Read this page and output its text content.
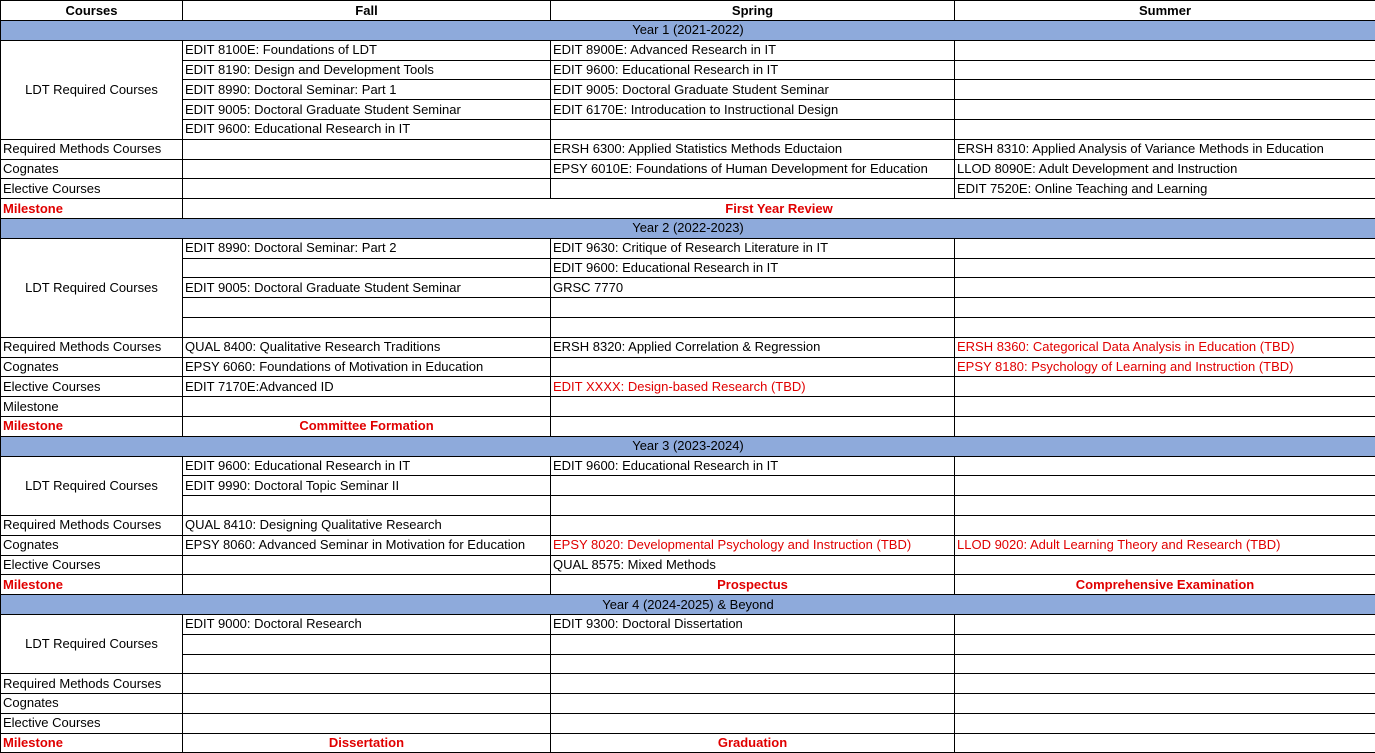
Courses	Fall	Spring	Summer
Year 1 (2021-2022)			
LDT Required Courses	EDIT 8100E: Foundations of LDT	EDIT 8900E: Advanced Research in IT	
	EDIT 8190: Design and Development Tools	EDIT 9600: Educational Research in IT	
	EDIT 8990: Doctoral Seminar: Part 1	EDIT 9005: Doctoral Graduate Student Seminar	
	EDIT 9005: Doctoral Graduate Student Seminar	EDIT 6170E: Introducation to Instructional Design	
	EDIT 9600: Educational Research in IT		
Required Methods Courses		ERSH 6300: Applied Statistics Methods Eductaion	ERSH 8310: Applied Analysis of Variance Methods in Education
Cognates		EPSY 6010E: Foundations of Human Development for Education	LLOD 8090E: Adult Development and Instruction
Elective Courses			EDIT 7520E: Online Teaching and Learning
Milestone	First Year Review		
Year 2 (2022-2023)			
LDT Required Courses	EDIT 8990: Doctoral Seminar: Part 2	EDIT 9630: Critique of Research Literature in IT	
		EDIT 9600: Educational Research in IT	
	EDIT 9005: Doctoral Graduate Student Seminar	GRSC 7770	

Required Methods Courses	QUAL 8400: Qualitative Research Traditions	ERSH 8320: Applied Correlation & Regression	ERSH 8360: Categorical Data Analysis in Education (TBD)
Cognates	EPSY 6060: Foundations of Motivation in Education		EPSY 8180: Psychology of Learning and Instruction (TBD)
Elective Courses	EDIT 7170E:Advanced ID	EDIT XXXX: Design-based Research (TBD)	
Milestone			
Milestone	Committee Formation		
Year 3 (2023-2024)			
LDT Required Courses	EDIT 9600: Educational Research in IT	EDIT 9600: Educational Research in IT	
	EDIT 9990: Doctoral Topic Seminar II		

Required Methods Courses	QUAL 8410: Designing Qualitative Research		
Cognates	EPSY 8060: Advanced Seminar in Motivation for Education	EPSY 8020: Developmental Psychology and Instruction (TBD)	LLOD 9020: Adult Learning Theory and Research (TBD)
Elective Courses		QUAL 8575: Mixed Methods	
Milestone		Prospectus	Comprehensive Examination
Year 4 (2024-2025) & Beyond			
LDT Required Courses	EDIT 9000: Doctoral Research	EDIT 9300: Doctoral Dissertation	

Required Methods Courses			
Cognates			
Elective Courses			
Milestone	Dissertation	Graduation	
